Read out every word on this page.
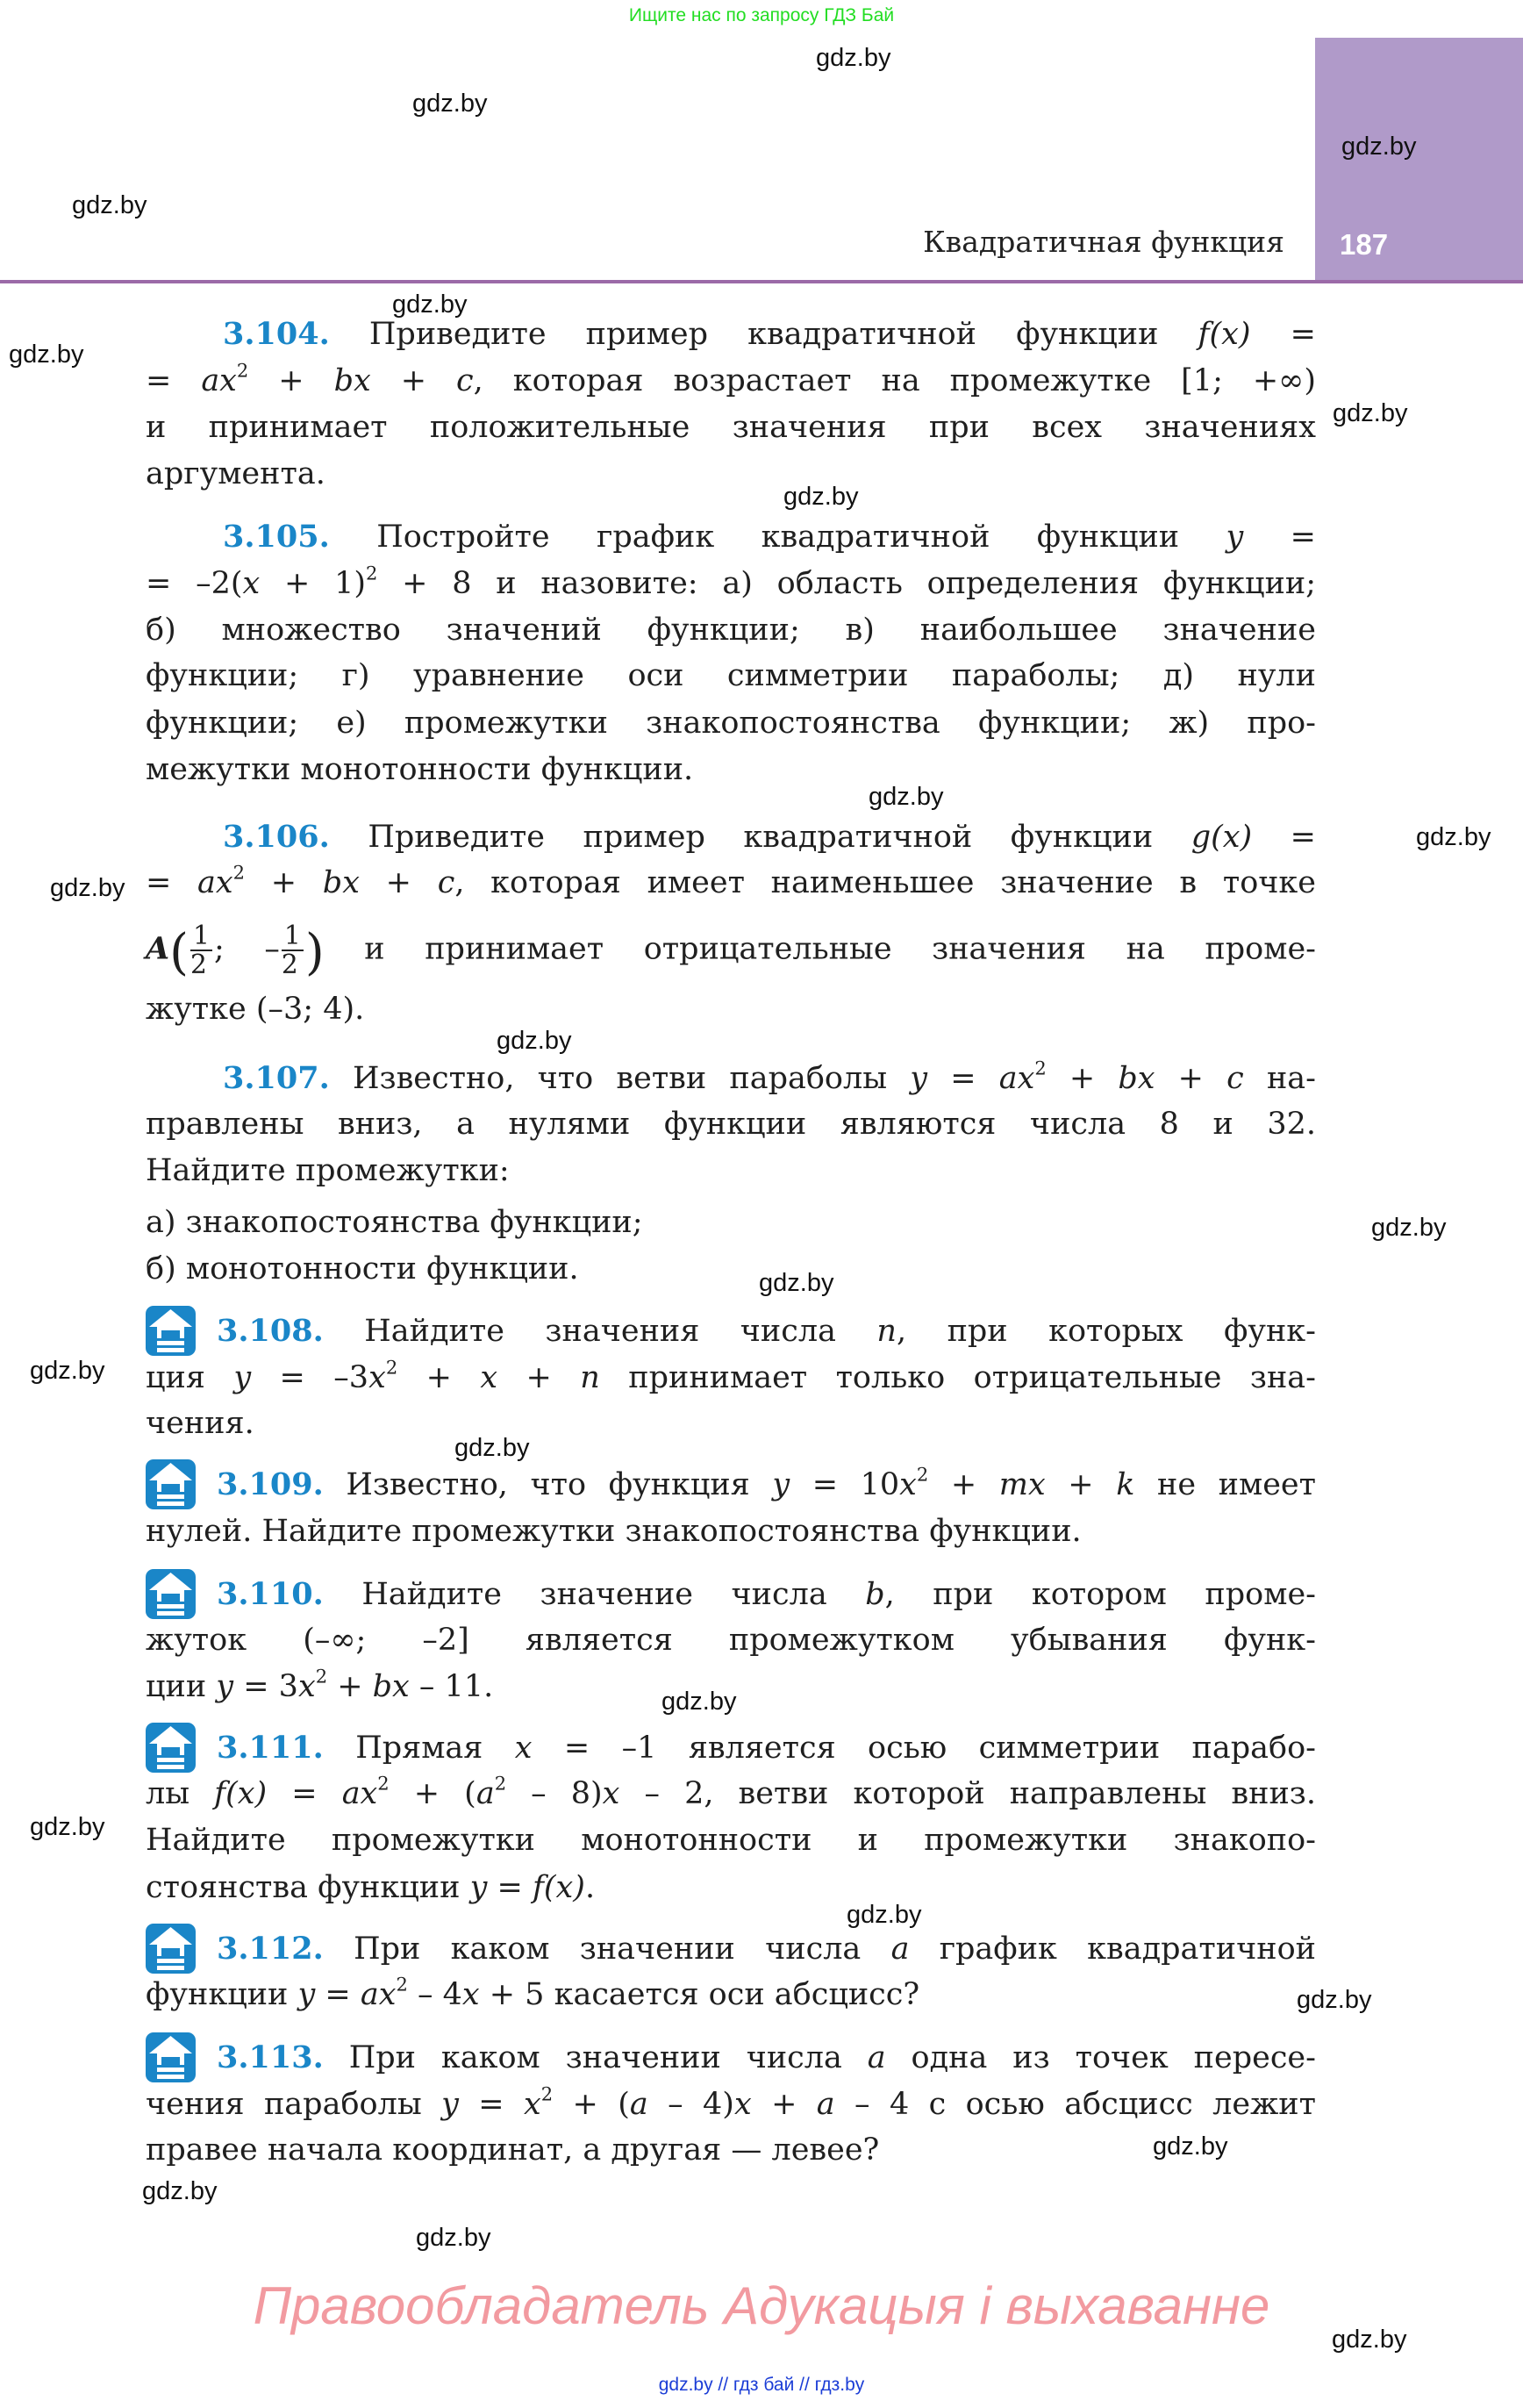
Ищите нас по запросу ГДЗ Бай
187
Квадратичная функция
gdz.by
gdz.by
gdz.by
gdz.by
gdz.by
gdz.by
gdz.by
gdz.by
gdz.by
gdz.by
gdz.by
gdz.by
gdz.by
gdz.by
gdz.by
gdz.by
gdz.by
gdz.by
gdz.by
gdz.by
gdz.by
gdz.by
gdz.by
gdz.by
3.104. Приведите пример квадратичной функции f(x) =
= $ax^2$ + bx + c, которая возрастает на промежутке [1; +∞)
и принимает положительные значения при всех значениях
аргумента.
3.105. Постройте график квадратичной функции y =
= $-2(x + 1)^2 + 8$ и назовите: а) область определения функции;
б) множество значений функции; в) наибольшее значение
функции; г) уравнение оси симметрии параболы; д) нули
функции; е) промежутки знакопостоянства функции; ж) про-
межутки монотонности функции.
3.106. Приведите пример квадратичной функции g(x) =
= $ax^2$ + bx + c, которая имеет наименьшее значение в точке
$A( \frac{1}{2}$ ; – $\frac{1}{2}$ ) и принимает отрицательные значения на проме-
жутке (–3; 4).
3.107. Известно, что ветви параболы $y = ax^2$ + bx + c на-
правлены вниз, а нулями функции являются числа 8 и 32.
Найдите промежутки:
а) знакопостоянства функции;
б) монотонности функции.
3.108. Найдите значения числа n, при которых функ-
ция $y = -3x^2 + x + n$ принимает только отрицательные зна-
чения.
3.109. Известно, что функция $y = 10x^2$ + mx + k не имеет
нулей. Найдите промежутки знакопостоянства функции.
3.110. Найдите значение числа b, при котором проме-
жуток (–∞; –2] является промежутком убывания функ-
ции $y = 3x^2$ + bx – 11.
3.111. Прямая x = –1 является осью симметрии парабо-
лы $f(x) = ax^2 + (a^2 - 8)x - 2$, ветви которой направлены вниз.
Найдите промежутки монотонности и промежутки знакопо-
стоянства функции y = f(x).
3.112. При каком значении числа a график квадратичной
функции $y = ax^2 - 4x + 5$ касается оси абсцисс?
3.113. При каком значении числа a одна из точек пересе-
чения параболы $y = x^2 + (a - 4)x + a - 4$ с осью абсцисс лежит
правее начала координат, а другая — левее?
Правообладатель Адукацыя і выхаванне
gdz.by // гдз бай // гдз.by
